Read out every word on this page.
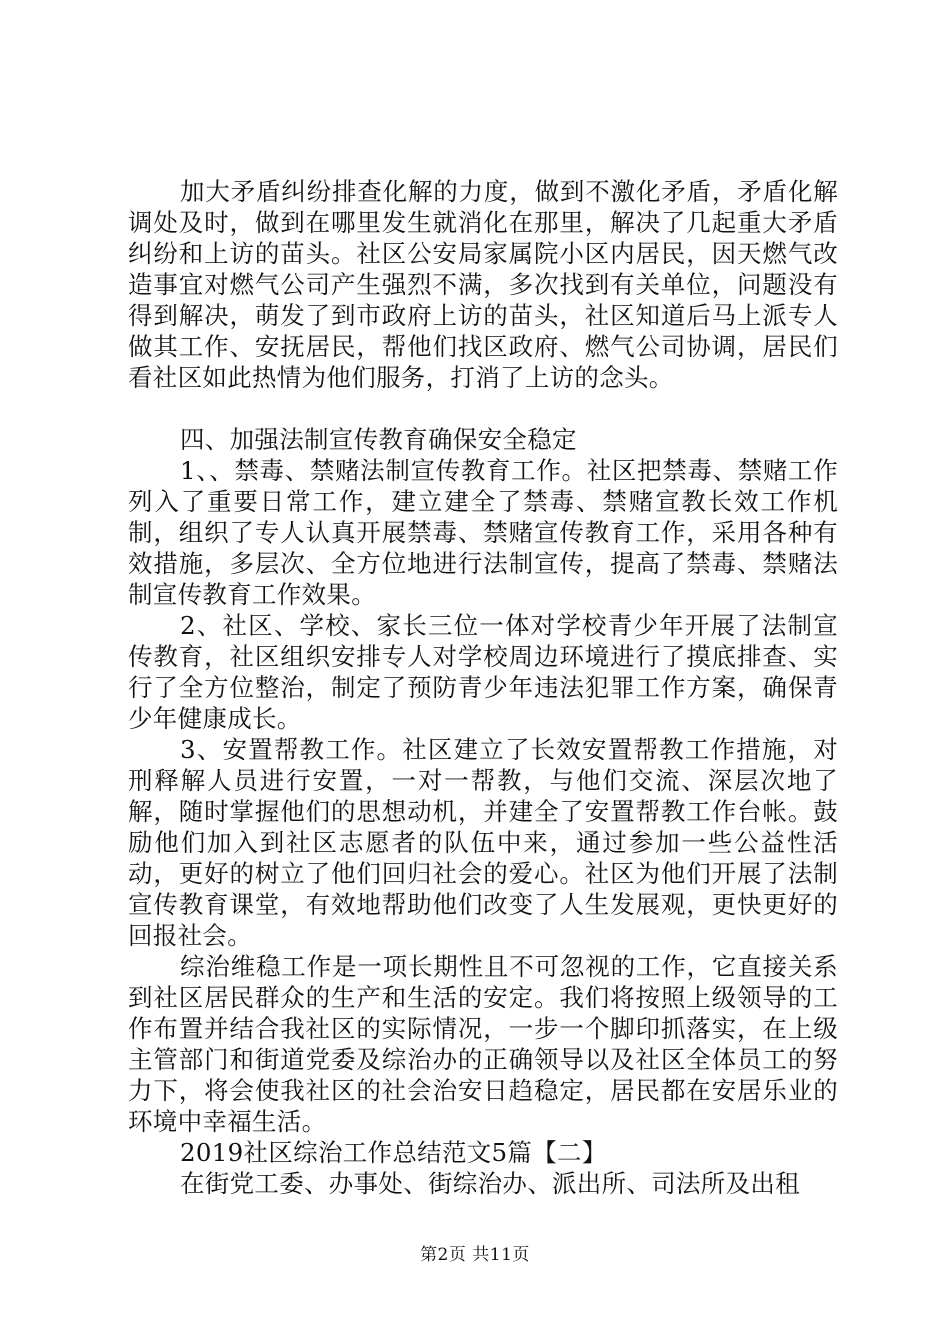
加大矛盾纠纷排查化解的力度，做到不激化矛盾，矛盾化解调处及时，做到在哪里发生就消化在那里，解决了几起重大矛盾纠纷和上访的苗头。社区公安局家属院小区内居民，因天燃气改造事宜对燃气公司产生强烈不满，多次找到有关单位，问题没有得到解决，萌发了到市政府上访的苗头，社区知道后马上派专人做其工作、安抚居民，帮他们找区政府、燃气公司协调，居民们看社区如此热情为他们服务，打消了上访的念头。

四、加强法制宣传教育确保安全稳定

1、、禁毒、禁赌法制宣传教育工作。社区把禁毒、禁赌工作列入了重要日常工作，建立建全了禁毒、禁赌宣教长效工作机制，组织了专人认真开展禁毒、禁赌宣传教育工作，采用各种有效措施，多层次、全方位地进行法制宣传，提高了禁毒、禁赌法制宣传教育工作效果。

2、社区、学校、家长三位一体对学校青少年开展了法制宣传教育，社区组织安排专人对学校周边环境进行了摸底排查、实行了全方位整治，制定了预防青少年违法犯罪工作方案，确保青少年健康成长。

3、安置帮教工作。社区建立了长效安置帮教工作措施，对刑释解人员进行安置，一对一帮教，与他们交流、深层次地了解，随时掌握他们的思想动机，并建全了安置帮教工作台帐。鼓励他们加入到社区志愿者的队伍中来，通过参加一些公益性活动，更好的树立了他们回归社会的爱心。社区为他们开展了法制宣传教育课堂，有效地帮助他们改变了人生发展观，更快更好的回报社会。

综治维稳工作是一项长期性且不可忽视的工作，它直接关系到社区居民群众的生产和生活的安定。我们将按照上级领导的工作布置并结合我社区的实际情况，一步一个脚印抓落实，在上级主管部门和街道党委及综治办的正确领导以及社区全体员工的努力下，将会使我社区的社会治安日趋稳定，居民都在安居乐业的环境中幸福生活。

2019社区综治工作总结范文5篇【二】

在街党工委、办事处、街综治办、派出所、司法所及出租

第2页 共11页
